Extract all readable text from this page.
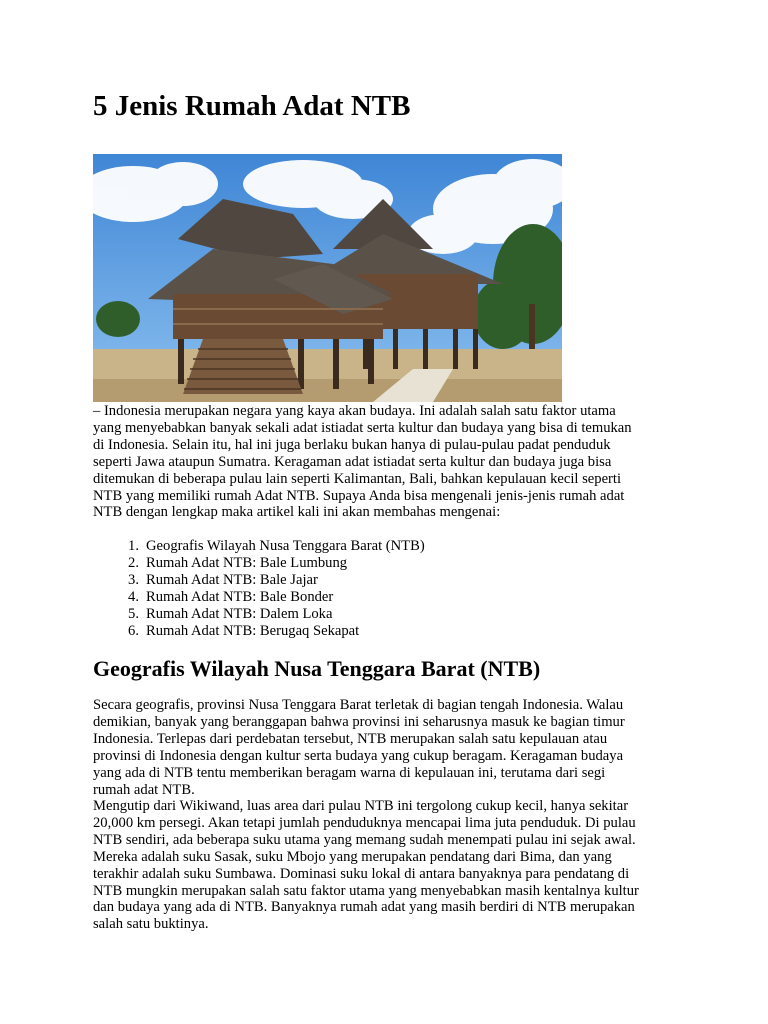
5 Jenis Rumah Adat NTB

– Indonesia merupakan negara yang kaya akan budaya. Ini adalah salah satu faktor utama
yang menyebabkan banyak sekali adat istiadat serta kultur dan budaya yang bisa di temukan
di Indonesia. Selain itu, hal ini juga berlaku bukan hanya di pulau-pulau padat penduduk
seperti Jawa ataupun Sumatra. Keragaman adat istiadat serta kultur dan budaya juga bisa
ditemukan di beberapa pulau lain seperti Kalimantan, Bali, bahkan kepulauan kecil seperti
NTB yang memiliki rumah Adat NTB. Supaya Anda bisa mengenali jenis-jenis rumah adat
NTB dengan lengkap maka artikel kali ini akan membahas mengenai:

1. Geografis Wilayah Nusa Tenggara Barat (NTB)
2. Rumah Adat NTB: Bale Lumbung
3. Rumah Adat NTB: Bale Jajar
4. Rumah Adat NTB: Bale Bonder
5. Rumah Adat NTB: Dalem Loka
6. Rumah Adat NTB: Berugaq Sekapat
Geografis Wilayah Nusa Tenggara Barat (NTB)

Secara geografis, provinsi Nusa Tenggara Barat terletak di bagian tengah Indonesia. Walau
demikian, banyak yang beranggapan bahwa provinsi ini seharusnya masuk ke bagian timur
Indonesia. Terlepas dari perdebatan tersebut, NTB merupakan salah satu kepulauan atau
provinsi di Indonesia dengan kultur serta budaya yang cukup beragam. Keragaman budaya
yang ada di NTB tentu memberikan beragam warna di kepulauan ini, terutama dari segi
rumah adat NTB.

Mengutip dari Wikiwand, luas area dari pulau NTB ini tergolong cukup kecil, hanya sekitar
20,000 km persegi. Akan tetapi jumlah penduduknya mencapai lima juta penduduk. Di pulau
NTB sendiri, ada beberapa suku utama yang memang sudah menempati pulau ini sejak awal.
Mereka adalah suku Sasak, suku Mbojo yang merupakan pendatang dari Bima, dan yang
terakhir adalah suku Sumbawa. Dominasi suku lokal di antara banyaknya para pendatang di
NTB mungkin merupakan salah satu faktor utama yang menyebabkan masih kentalnya kultur
dan budaya yang ada di NTB. Banyaknya rumah adat yang masih berdiri di NTB merupakan
salah satu buktinya.
